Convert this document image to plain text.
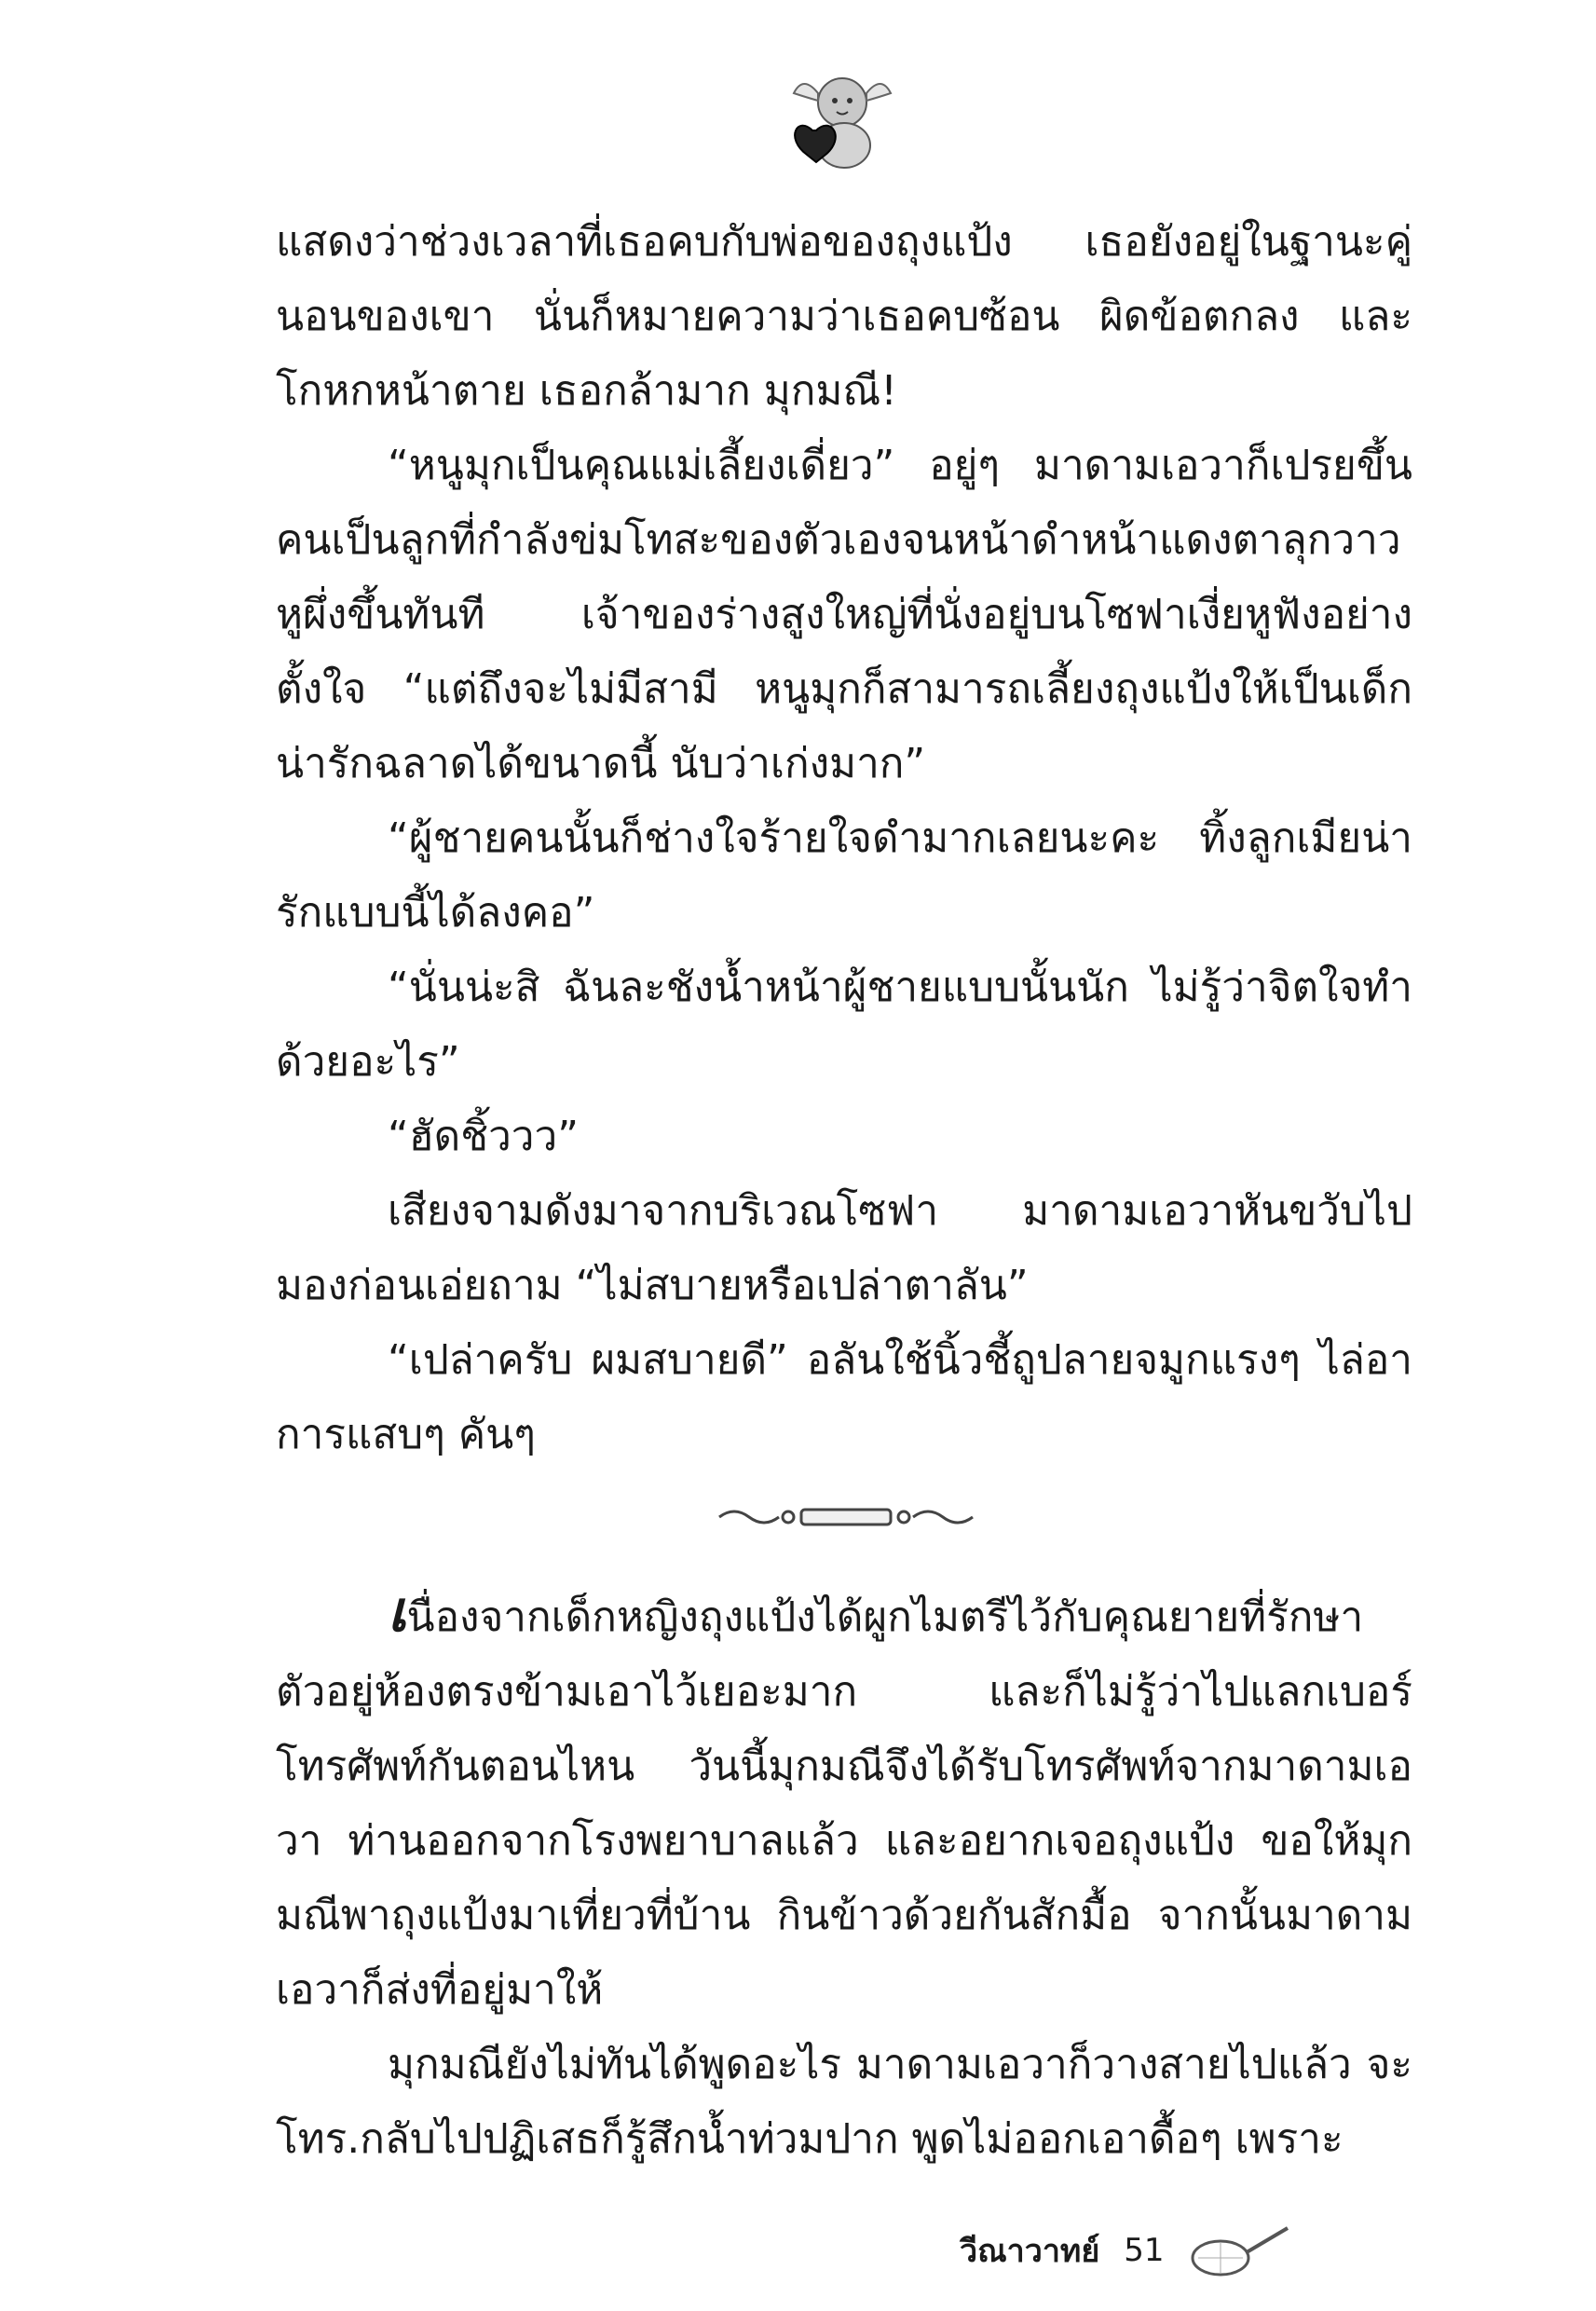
แสดงว่าช่วงเวลาที่เธอคบกับพ่อของถุงแป้ง เธอยังอยู่ในฐานะคู่นอนของเขา นั่นก็หมายความว่าเธอคบซ้อน ผิดข้อตกลง และโกหกหน้าตาย เธอกล้ามาก มุกมณี!

“หนูมุกเป็นคุณแม่เลี้ยงเดี่ยว” อยู่ๆ มาดามเอวาก็เปรยขึ้น คนเป็นลูกที่กำลังข่มโทสะของตัวเองจนหน้าดำหน้าแดงตาลุกวาวหูผึ่งขึ้นทันที เจ้าของร่างสูงใหญ่ที่นั่งอยู่บนโซฟาเงี่ยหูฟังอย่างตั้งใจ “แต่ถึงจะไม่มีสามี หนูมุกก็สามารถเลี้ยงถุงแป้งให้เป็นเด็กน่ารักฉลาดได้ขนาดนี้ นับว่าเก่งมาก”

“ผู้ชายคนนั้นก็ช่างใจร้ายใจดำมากเลยนะคะ ทิ้งลูกเมียน่ารักแบบนี้ได้ลงคอ”

“นั่นน่ะสิ ฉันละชังน้ำหน้าผู้ชายแบบนั้นนัก ไม่รู้ว่าจิตใจทำด้วยอะไร”

“ฮัดชิ้ววว”

เสียงจามดังมาจากบริเวณโซฟา มาดามเอวาหันขวับไปมองก่อนเอ่ยถาม “ไม่สบายหรือเปล่าตาลัน”

“เปล่าครับ ผมสบายดี” อลันใช้นิ้วชี้ถูปลายจมูกแรงๆ ไล่อาการแสบๆ คันๆ

เนื่องจากเด็กหญิงถุงแป้งได้ผูกไมตรีไว้กับคุณยายที่รักษาตัวอยู่ห้องตรงข้ามเอาไว้เยอะมาก และก็ไม่รู้ว่าไปแลกเบอร์โทรศัพท์กันตอนไหน วันนี้มุกมณีจึงได้รับโทรศัพท์จากมาดามเอวา ท่านออกจากโรงพยาบาลแล้ว และอยากเจอถุงแป้ง ขอให้มุกมณีพาถุงแป้งมาเที่ยวที่บ้าน กินข้าวด้วยกันสักมื้อ จากนั้นมาดามเอวาก็ส่งที่อยู่มาให้

มุกมณียังไม่ทันได้พูดอะไร มาดามเอวาก็วางสายไปแล้ว จะโทร.กลับไปปฏิเสธก็รู้สึกน้ำท่วมปาก พูดไม่ออกเอาดื้อๆ เพราะ

วีณาวาทย์ 51
